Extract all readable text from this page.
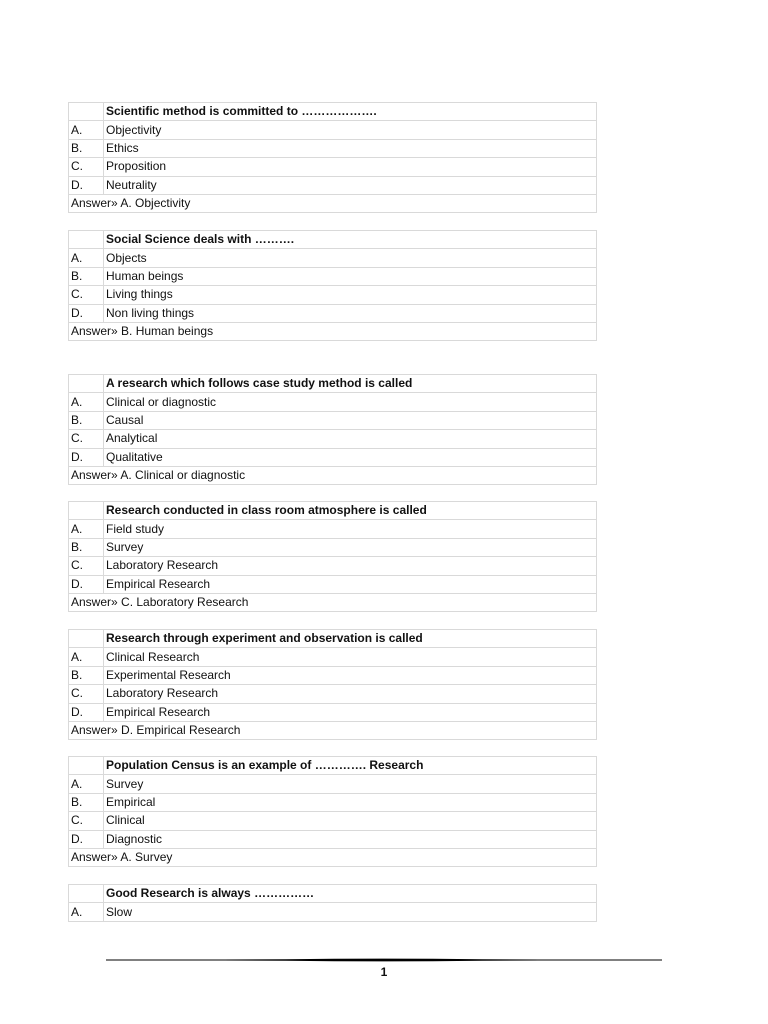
	Scientific method is committed to ……………….
A.	Objectivity
B.	Ethics
C.	Proposition
D.	Neutrality
Answer» A. Objectivity	
	Social Science deals with ……….
A.	Objects
B.	Human beings
C.	Living things
D.	Non living things
Answer» B. Human beings	
	A research which follows case study method is called
A.	Clinical or diagnostic
B.	Causal
C.	Analytical
D.	Qualitative
Answer» A. Clinical or diagnostic	
	Research conducted in class room atmosphere is called
A.	Field study
B.	Survey
C.	Laboratory Research
D.	Empirical Research
Answer» C. Laboratory Research	
	Research through experiment and observation is called
A.	Clinical Research
B.	Experimental Research
C.	Laboratory Research
D.	Empirical Research
Answer» D. Empirical Research	
	Population Census is an example of …………. Research
A.	Survey
B.	Empirical
C.	Clinical
D.	Diagnostic
Answer» A. Survey	
	Good Research is always ……………
A.	Slow
1
